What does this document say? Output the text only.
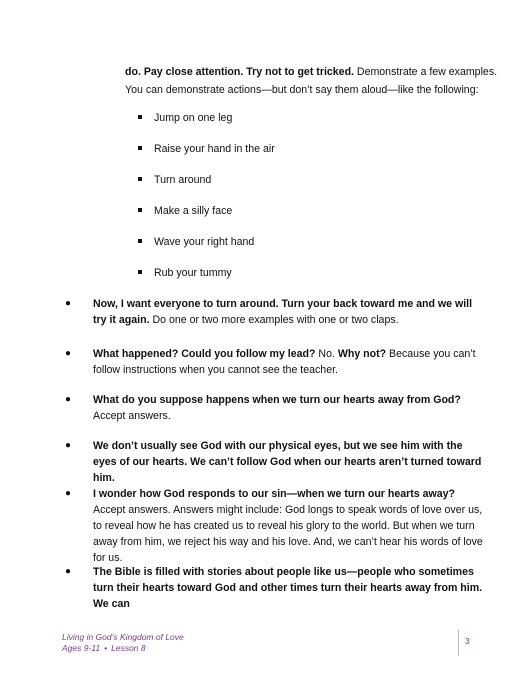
do. Pay close attention. Try not to get tricked. Demonstrate a few examples. You can demonstrate actions—but don’t say them aloud—like the following:
Jump on one leg
Raise your hand in the air
Turn around
Make a silly face
Wave your right hand
Rub your tummy
● Now, I want everyone to turn around. Turn your back toward me and we will try it again. Do one or two more examples with one or two claps.
● What happened? Could you follow my lead? No. Why not? Because you can’t follow instructions when you cannot see the teacher.
● What do you suppose happens when we turn our hearts away from God? Accept answers.
● We don’t usually see God with our physical eyes, but we see him with the eyes of our hearts. We can’t follow God when our hearts aren’t turned toward him.
● I wonder how God responds to our sin—when we turn our hearts away? Accept answers. Answers might include: God longs to speak words of love over us, to reveal how he has created us to reveal his glory to the world. But when we turn away from him, we reject his way and his love. And, we can’t hear his words of love for us.
● The Bible is filled with stories about people like us—people who sometimes turn their hearts toward God and other times turn their hearts away from him. We can
Living in God’s Kingdom of Love
Ages 9-11 • Lesson 8
3
